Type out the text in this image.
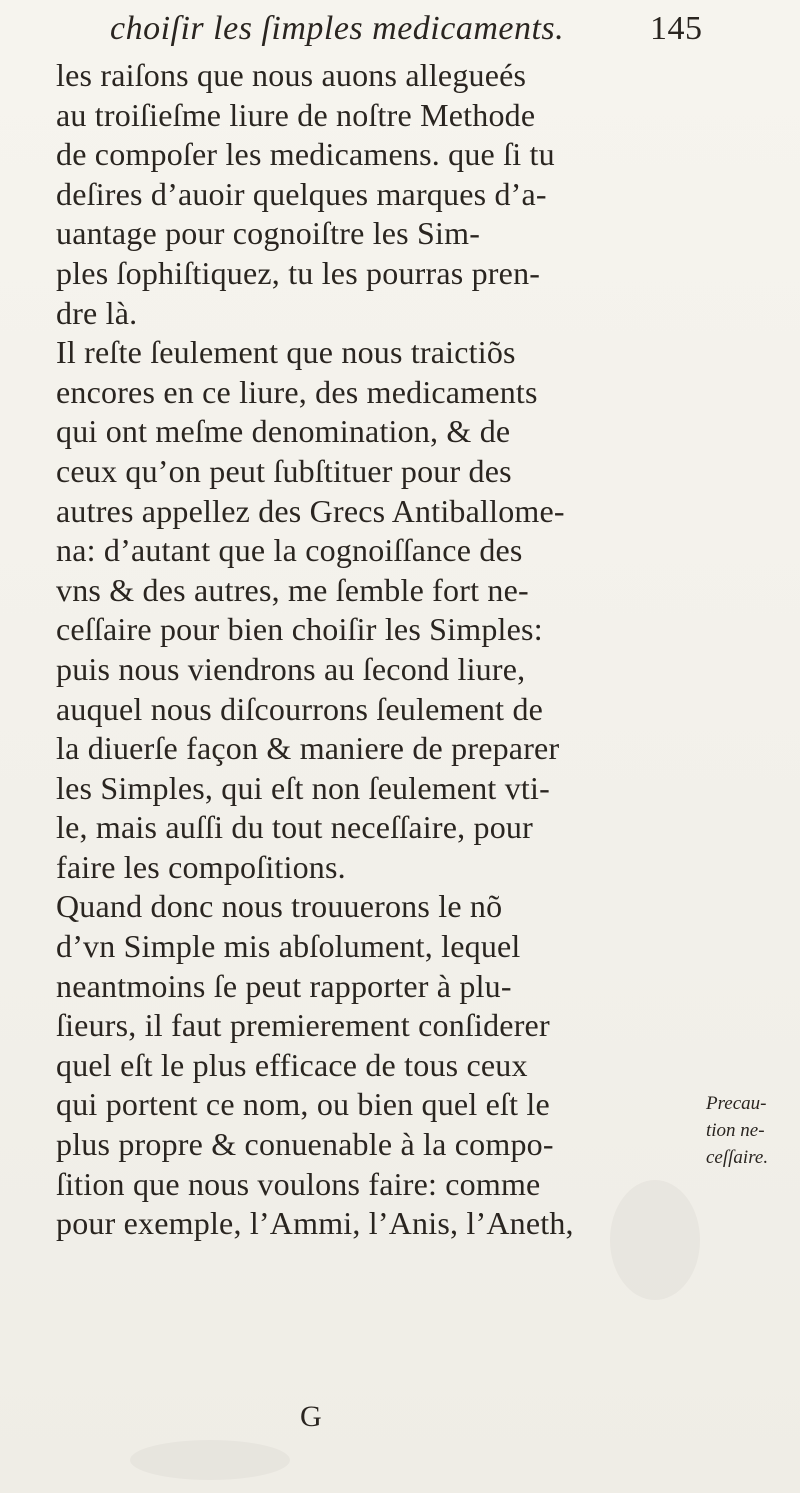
choiſir les ſimples medicaments.	145
les raiſons que nous auons allegueés
au troiſieſme liure de noſtre Methode
de compoſer les medicamens. que ſi tu
deſires d’auoir quelques marques d’a-
uantage pour cognoiſtre les Sim-
ples ſophiſtiquez, tu les pourras pren-
dre là.
Il reſte ſeulement que nous traictiõs
encores en ce liure, des medicaments
qui ont meſme denomination, & de
ceux qu’on peut ſubſtituer pour des
autres appellez des Grecs Antiballome-
na: d’autant que la cognoiſſance des
vns & des autres, me ſemble fort ne-
ceſſaire pour bien choiſir les Simples:
puis nous viendrons au ſecond liure,
auquel nous diſcourrons ſeulement de
la diuerſe façon & maniere de preparer
les Simples, qui eſt non ſeulement vti-
le, mais auſſi du tout neceſſaire, pour
faire les compoſitions.
Quand donc nous trouuerons le nõ
d’vn Simple mis abſolument, lequel
neantmoins ſe peut rapporter à plu-
ſieurs, il faut premierement conſiderer
quel eſt le plus efficace de tous ceux
qui portent ce nom, ou bien quel eſt le
plus propre & conuenable à la compo-
ſition que nous voulons faire: comme
pour exemple, l’Ammi, l’Anis, l’Aneth,
Precau-
tion ne-
ceſſaire.
G
